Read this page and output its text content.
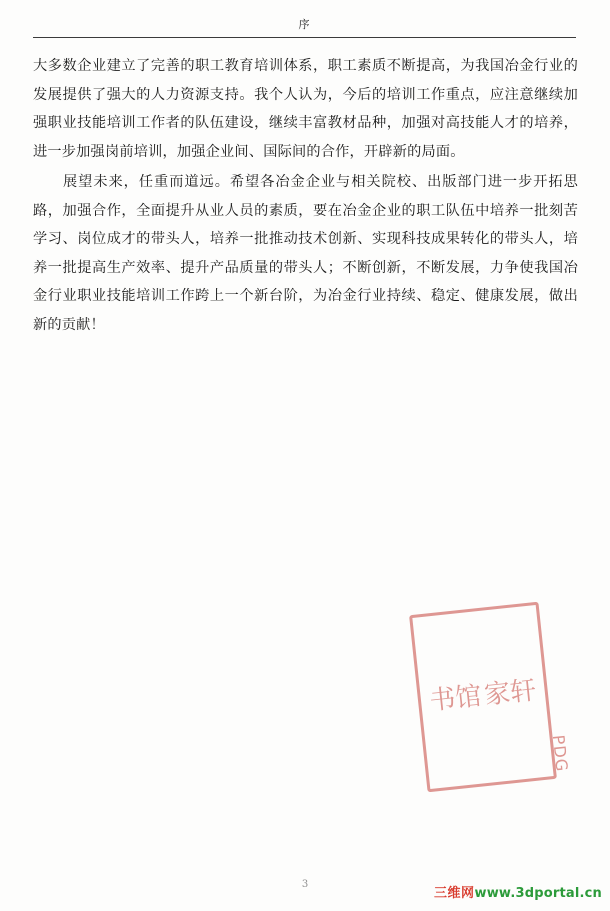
序

大多数企业建立了完善的职工教育培训体系，职工素质不断提高，为我国冶金行业的发展提供了强大的人力资源支持。我个人认为，今后的培训工作重点，应注意继续加强职业技能培训工作者的队伍建设，继续丰富教材品种，加强对高技能人才的培养，进一步加强岗前培训，加强企业间、国际间的合作，开辟新的局面。

展望未来，任重而道远。希望各冶金企业与相关院校、出版部门进一步开拓思路，加强合作，全面提升从业人员的素质，要在冶金企业的职工队伍中培养一批刻苦学习、岗位成才的带头人，培养一批推动技术创新、实现科技成果转化的带头人，培养一批提高生产效率、提升产品质量的带头人；不断创新，不断发展，力争使我国冶金行业职业技能培训工作跨上一个新台阶，为冶金行业持续、稳定、健康发展，做出新的贡献！

家轩
书馆
PDG
3
三维网 www.3dportal.cn
